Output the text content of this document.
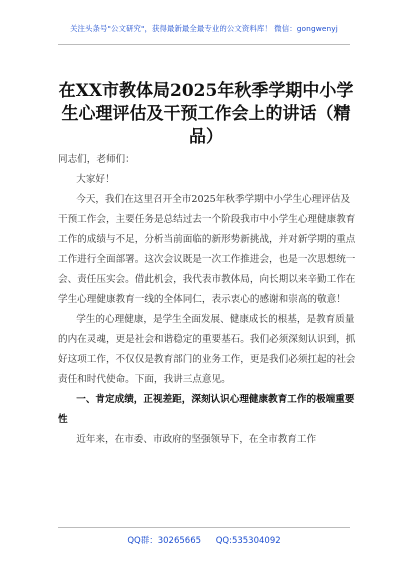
关注头条号"公文研究"，获得最新最全最专业的公文资料库！ 微信：gongwenyj
在XX市教体局2025年秋季学期中小学生心理评估及干预工作会上的讲话（精品）

同志们，老师们：

大家好！

今天，我们在这里召开全市2025年秋季学期中小学生心理评估及干预工作会，主要任务是总结过去一个阶段我市中小学生心理健康教育工作的成绩与不足，分析当前面临的新形势新挑战，并对新学期的重点工作进行全面部署。这次会议既是一次工作推进会，也是一次思想统一会、责任压实会。借此机会，我代表市教体局，向长期以来辛勤工作在学生心理健康教育一线的全体同仁，表示衷心的感谢和崇高的敬意！

学生的心理健康，是学生全面发展、健康成长的根基，是教育质量的内在灵魂，更是社会和谐稳定的重要基石。我们必须深刻认识到，抓好这项工作，不仅仅是教育部门的业务工作，更是我们必须扛起的社会责任和时代使命。下面，我讲三点意见。

一、肯定成绩，正视差距，深刻认识心理健康教育工作的极端重要性

近年来，在市委、市政府的坚强领导下，在全市教育工作

QQ群：30265665 QQ:535304092
